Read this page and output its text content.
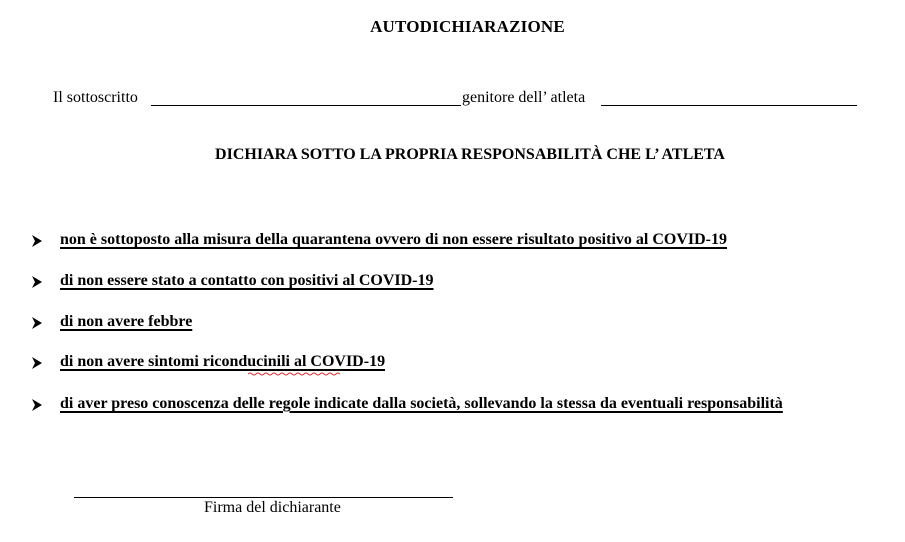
AUTODICHIARAZIONE
Il sottoscritto	genitore dell’ atleta
DICHIARA SOTTO LA PROPRIA RESPONSABILITÀ CHE L’ ATLETA
non è sottoposto alla misura della quarantena ovvero di non essere risultato positivo al COVID-19
di non essere stato a contatto con positivi al COVID-19
di non avere febbre
di non avere sintomi riconducinili al COVID-19
di aver preso conoscenza delle regole indicate dalla società, sollevando la stessa da eventuali responsabilità
Firma del dichiarante
